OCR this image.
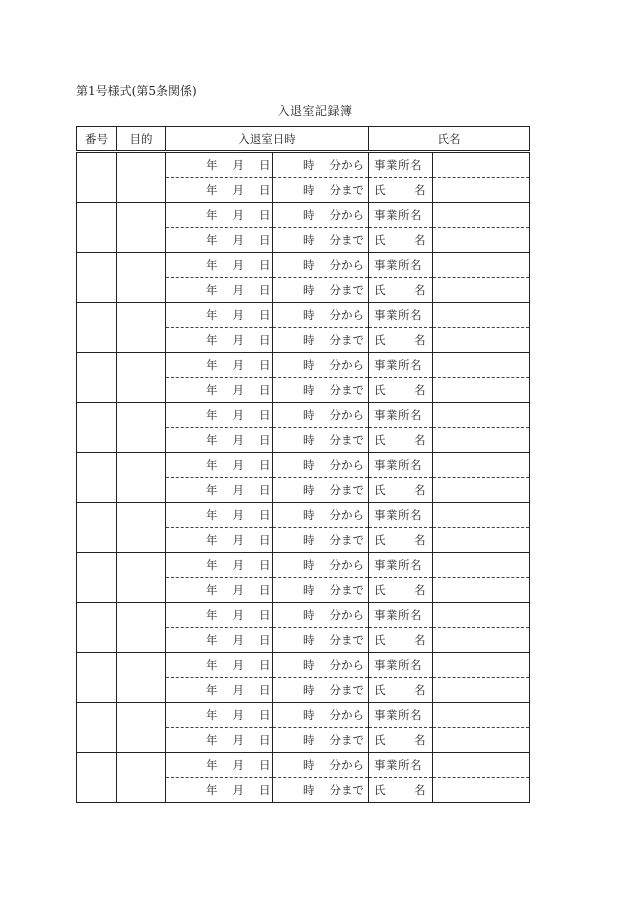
第1号様式(第5条関係)
入退室記録簿
番号	目的	入退室日時		氏名	
		年 月 日	時 分から	事業所名	
		年 月 日	時 分まで	氏 名	

		年 月 日	時 分から	事業所名	
		年 月 日	時 分まで	氏 名	

		年 月 日	時 分から	事業所名	
		年 月 日	時 分まで	氏 名	

		年 月 日	時 分から	事業所名	
		年 月 日	時 分まで	氏 名	

		年 月 日	時 分から	事業所名	
		年 月 日	時 分まで	氏 名	

		年 月 日	時 分から	事業所名	
		年 月 日	時 分まで	氏 名	

		年 月 日	時 分から	事業所名	
		年 月 日	時 分まで	氏 名	

		年 月 日	時 分から	事業所名	
		年 月 日	時 分まで	氏 名	

		年 月 日	時 分から	事業所名	
		年 月 日	時 分まで	氏 名	

		年 月 日	時 分から	事業所名	
		年 月 日	時 分まで	氏 名	

		年 月 日	時 分から	事業所名	
		年 月 日	時 分まで	氏 名	

		年 月 日	時 分から	事業所名	
		年 月 日	時 分まで	氏 名	

		年 月 日	時 分から	事業所名	
		年 月 日	時 分まで	氏 名	
